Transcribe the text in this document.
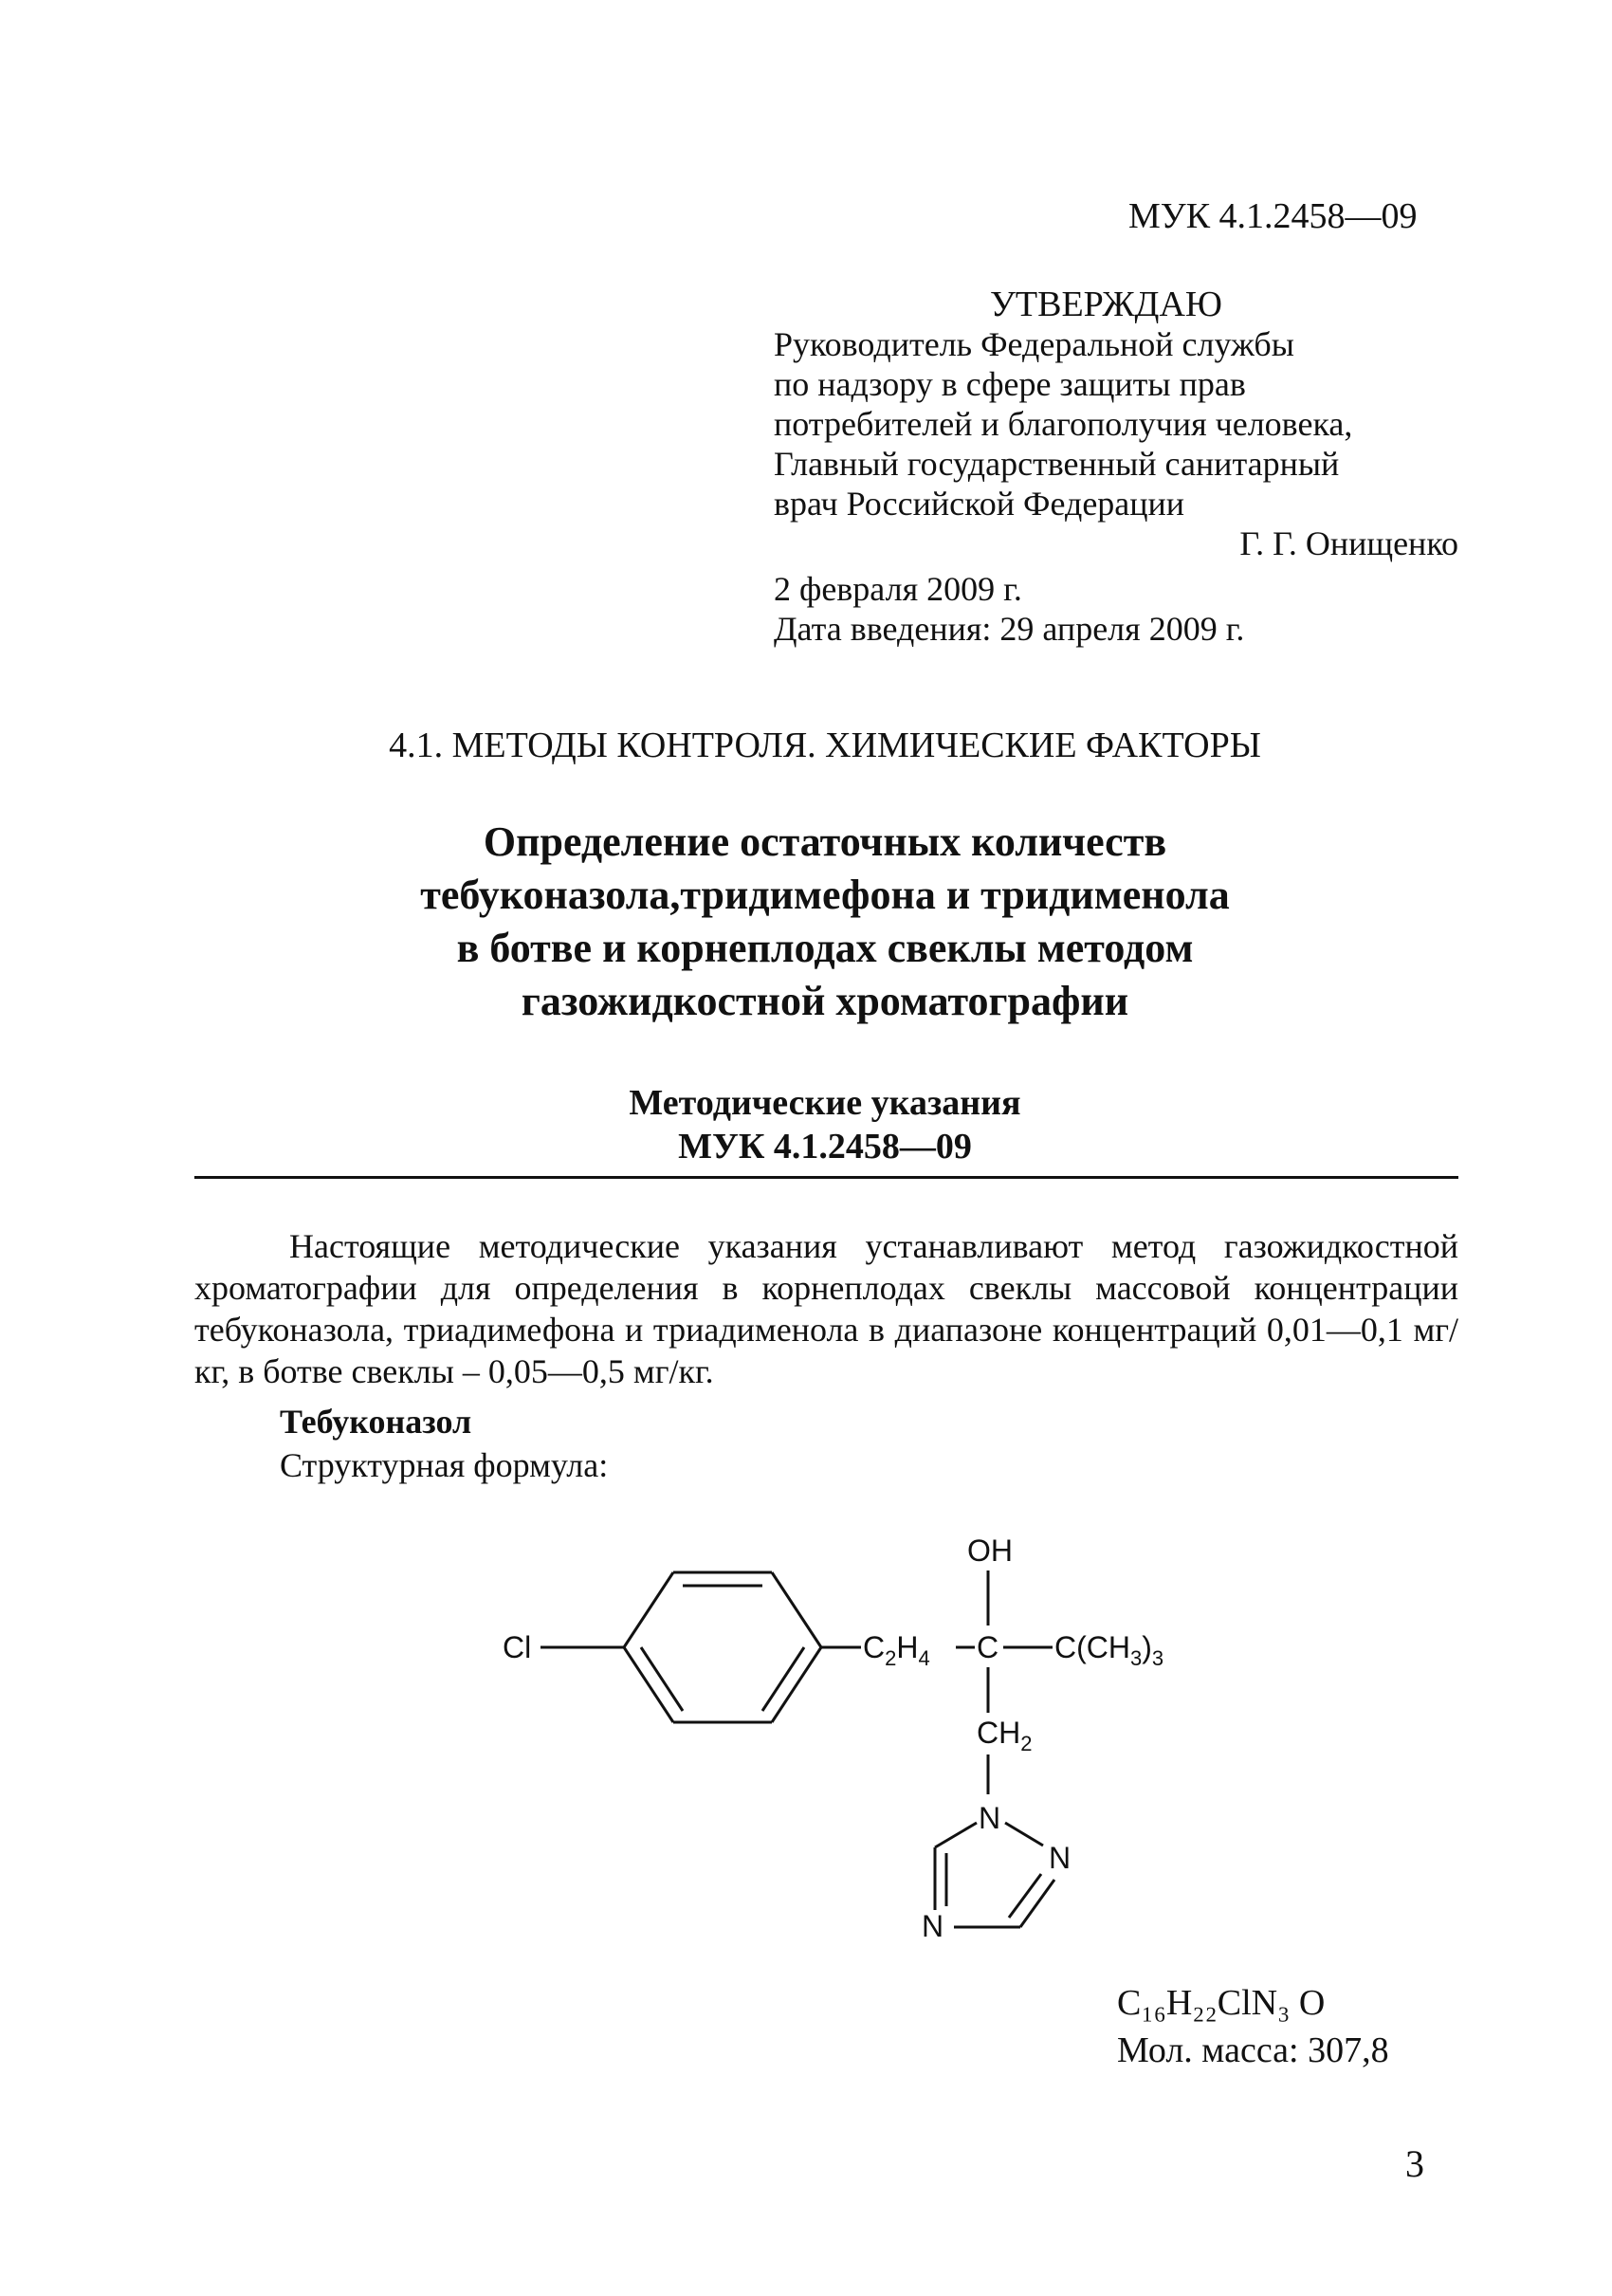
МУК 4.1.2458—09
УТВЕРЖДАЮ
Руководитель Федеральной службы
по надзору в сфере защиты прав
потребителей и благополучия человека,
Главный государственный санитарный
врач Российской Федерации
Г. Г. Онищенко
2 февраля 2009 г.
Дата введения: 29 апреля 2009 г.
4.1. МЕТОДЫ КОНТРОЛЯ. ХИМИЧЕСКИЕ ФАКТОРЫ
Определение остаточных количеств
тебуконазола,тридимефона и тридименола
в ботве и корнеплодах свеклы методом
газожидкостной хроматографии
Методические указания
МУК 4.1.2458—09
Настоящие методические указания устанавливают метод газожидкостной хроматографии для определения в корнеплодах свеклы массовой концентрации тебуконазола, триадимефона и триадименола в диапазоне концентраций 0,01—0,1 мг/кг, в ботве свеклы – 0,05—0,5 мг/кг.
Тебуконазол
Структурная формула:
Cl	$C_2H_4$ C
OH
$C(CH_3)_3$
$CH_2$
N
N
N
C₁₆H₂₂ClN₃ O
Мол. масса: 307,8
3
